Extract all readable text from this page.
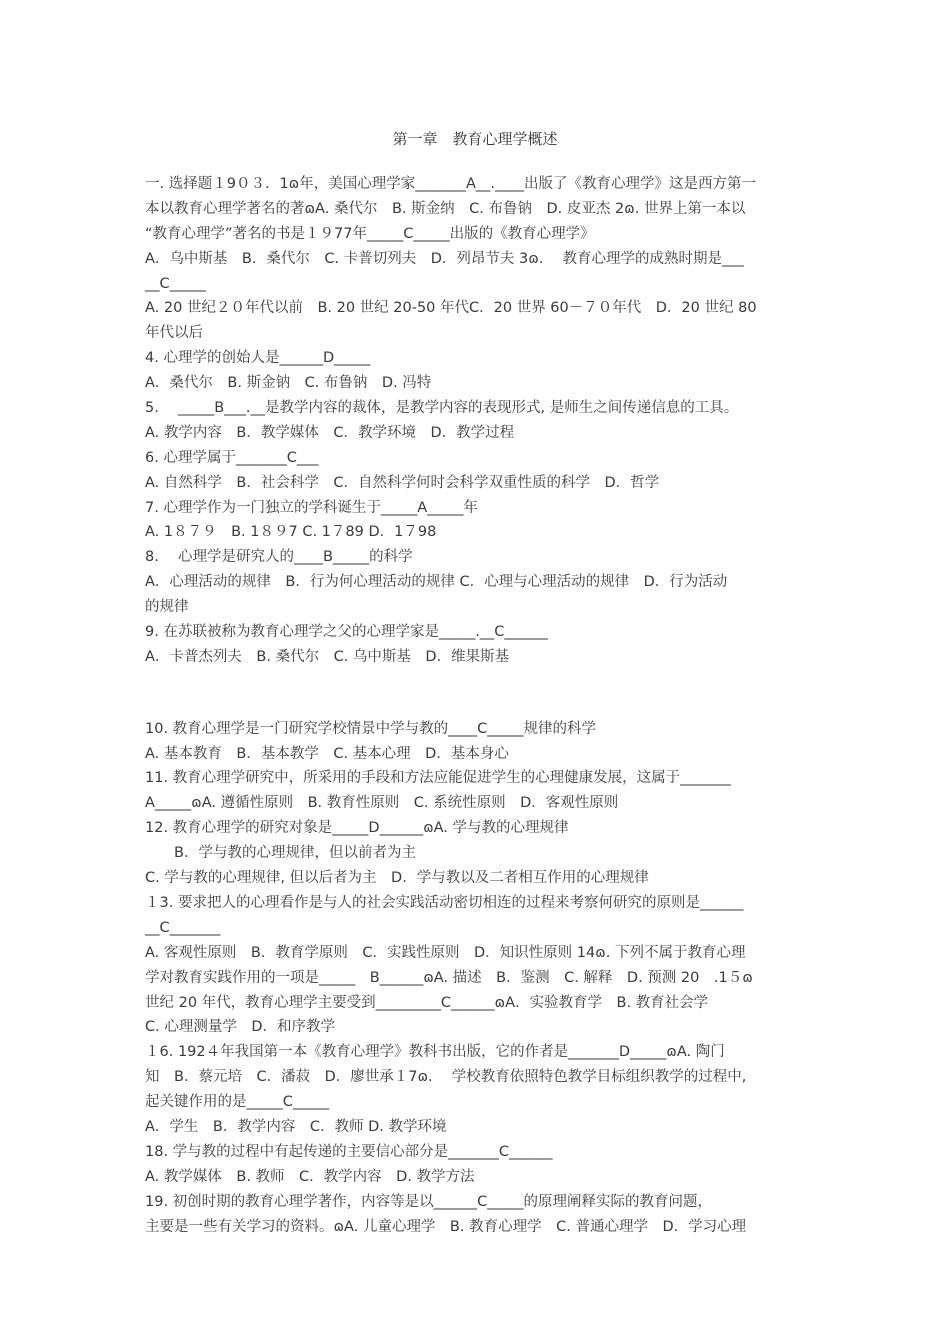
第一章　教育心理学概述
一. 选择题１9０３．1ɷ年，美国心理学家_______A__.____出版了《教育心理学》这是西方第一
本以教育心理学著名的著ɷA. 桑代尔　B. 斯金纳　C. 布鲁钠　D. 皮亚杰 2ɷ. 世界上第一本以
“教育心理学”著名的书是１９77年_____C_____出版的《教育心理学》
A．乌中斯基　B．桑代尔　C. 卡普切列夫　D．列昂节夫 3ɷ.　 教育心理学的成熟时期是___
__C_____
A. 20 世纪２０年代以前　B. 20 世纪 20-50 年代C．20 世界 60－７０年代　D．20 世纪 80
年代以后
4. 心理学的创始人是______D_____
A．桑代尔　B. 斯金钠　C. 布鲁钠　D. 冯特
5.　 _____B___.__是教学内容的裁体，是教学内容的表现形式, 是师生之间传递信息的工具。
A. 教学内容　B．教学媒体　C．教学环境　D．教学过程
6. 心理学属于_______C___
A. 自然科学　B．社会科学　C．自然科学何时会科学双重性质的科学　D．哲学
7. 心理学作为一门独立的学科诞生于_____A_____年
A. 1８７９　B. 1８９7 C. 1７89 D．1７98
8.　 心理学是研究人的____B_____的科学
A．心理活动的规律　B．行为何心理活动的规律 C．心理与心理活动的规律　D．行为活动
的规律
9. 在苏联被称为教育心理学之父的心理学家是_____.__C______
A．卡普杰列夫　B. 桑代尔　C. 乌中斯基　D．维果斯基
10. 教育心理学是一门研究学校情景中学与教的____C_____规律的科学
A. 基本教育　B．基本教学　C. 基本心理　D．基本身心
11. 教育心理学研究中，所采用的手段和方法应能促进学生的心理健康发展，这属于_______
A_____ɷA. 遵循性原则　B. 教育性原则　C. 系统性原则　D．客观性原则
12. 教育心理学的研究对象是_____D______ɷA. 学与教的心理规律
　　B．学与教的心理规律，但以前者为主
C. 学与教的心理规律, 但以后者为主　D．学与教以及二者相互作用的心理规律
１3. 要求把人的心理看作是与人的社会实践活动密切相连的过程来考察何研究的原则是______
__C_______
A. 客观性原则　B．教育学原则　C．实践性原则　D．知识性原则 14ɷ. 下列不属于教育心理
学对教育实践作用的一项是_____　B______ɷA. 描述　B．鉴测　C. 解释　D. 预测 20　.1５ɷ
世纪 20 年代，教育心理学主要受到_________C______ɷA．实验教育学　B. 教育社会学
C. 心理测量学　D．和序教学
１6. 192４年我国第一本《教育心理学》教科书出版，它的作者是_______D_____ɷA. 陶门
知　B．蔡元培　C．潘菽　D．廖世承１7ɷ.　 学校教育依照特色教学目标组织教学的过程中,
起关键作用的是_____C_____
A．学生　B．教学内容　C．教师 D. 教学环境
18. 学与教的过程中有起传递的主要信心部分是_______C______
A. 教学媒体　B. 教师　C．教学内容　D. 教学方法
19. 初创时期的教育心理学著作，内容等是以______C_____的原理阐释实际的教育问题，
主要是一些有关学习的资料。ɷA. 儿童心理学　B. 教育心理学　C. 普通心理学　D．学习心理
